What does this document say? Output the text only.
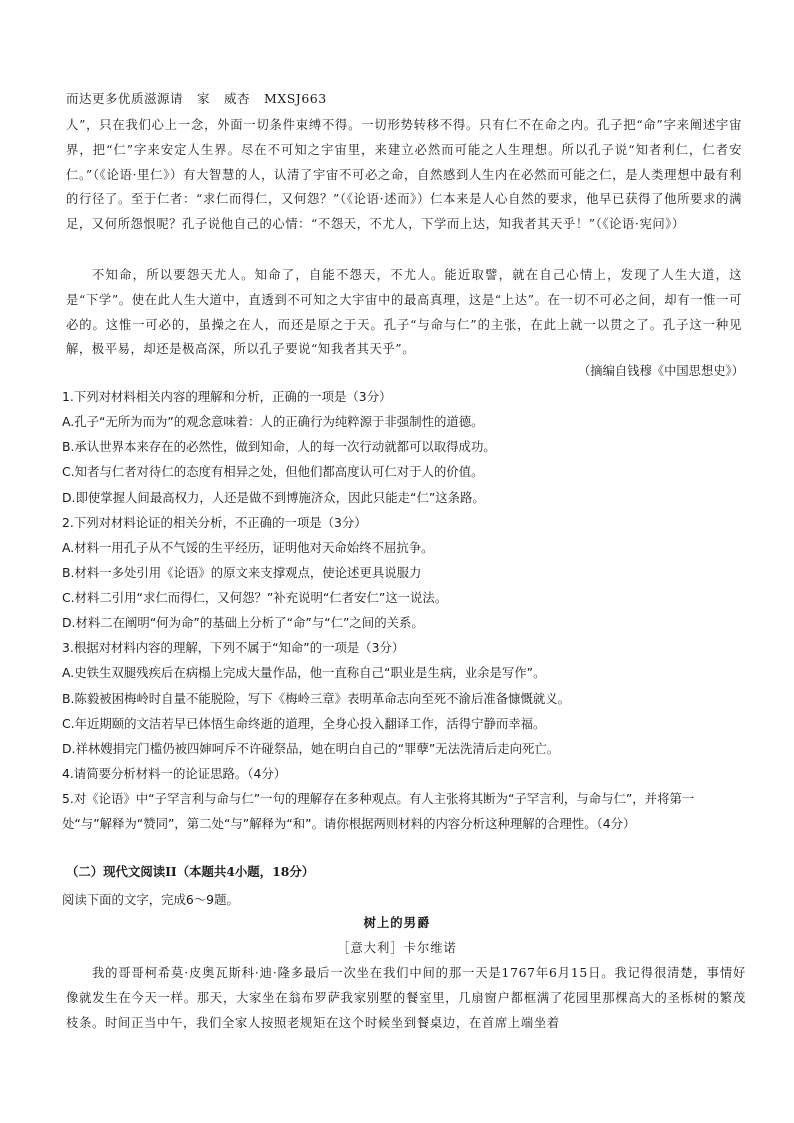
而达更多优质滋源请 家 威杏 MXSJ663
人”，只在我们心上一念，外面一切条件束缚不得。一切形势转移不得。只有仁不在命之内。孔子把“命”字来阐述宇宙界，把“仁”字来安定人生界。尽在不可知之宇宙里，来建立必然而可能之人生理想。所以孔子说“知者利仁，仁者安仁。”（《论语·里仁》）有大智慧的人，认清了宇宙不可必之命，自然感到人生内在必然而可能之仁，是人类理想中最有利的行径了。至于仁者：“求仁而得仁，又何怨？”（《论语·述而》）仁本来是人心自然的要求，他早已获得了他所要求的满足，又何所怨恨呢？孔子说他自己的心情：“不怨天，不尤人，下学而上达，知我者其天乎！”（《论语·宪问》）
不知命，所以要怨天尤人。知命了，自能不怨天，不尤人。能近取譬，就在自己心情上，发现了人生大道，这是“下学”。使在此人生大道中，直透到不可知之大宇宙中的最高真理，这是“上达”。在一切不可必之间，却有一惟一可必的。这惟一可必的，虽操之在人，而还是原之于天。孔子“与命与仁”的主张，在此上就一以贯之了。孔子这一种见解，极平易，却还是极高深，所以孔子要说“知我者其天乎”。
（摘编自钱穆《中国思想史》）
1.下列对材料相关内容的理解和分析，正确的一项是（3分）
A.孔子“无所为而为”的观念意味着：人的正确行为纯粹源于非强制性的道德。
B.承认世界本来存在的必然性，做到知命，人的每一次行动就都可以取得成功。
C.知者与仁者对待仁的态度有相异之处，但他们都高度认可仁对于人的价值。
D.即使掌握人间最高权力，人还是做不到博施济众，因此只能走“仁”这条路。
2.下列对材料论证的相关分析，不正确的一项是（3分）
A.材料一用孔子从不气馁的生平经历，证明他对天命始终不屈抗争。
B.材料一多处引用《论语》的原文来支撑观点，使论述更具说服力
C.材料二引用“求仁而得仁，又何怨？”补充说明“仁者安仁”这一说法。
D.材料二在阐明“何为命”的基础上分析了“命”与“仁”之间的关系。
3.根据对材料内容的理解，下列不属于“知命”的一项是（3分）
A.史铁生双腿残疾后在病榻上完成大量作品，他一直称自己“职业是生病，业余是写作”。
B.陈毅被困梅岭时自量不能脱险，写下《梅岭三章》表明革命志向至死不渝后准备慷慨就义。
C.年近期颐的文洁若早已体悟生命终逝的道理，全身心投入翻译工作，活得宁静而幸福。
D.祥林嫂捐完门槛仍被四婶呵斥不许碰祭品，她在明白自己的“罪孽”无法洗清后走向死亡。
4.请简要分析材料一的论证思路。（4分）
5.对《论语》中“子罕言利与命与仁”一句的理解存在多种观点。有人主张将其断为“子罕言利，与命与仁”，并将第一处“与”解释为“赞同”，第二处“与”解释为“和”。请你根据两则材料的内容分析这种理解的合理性。（4分）
（二）现代文阅读II（本题共4小题，18分）
阅读下面的文字，完成6～9题。
树上的男爵
［意大利］卡尔维诺
我的哥哥柯希莫·皮奥瓦斯科·迪·隆多最后一次坐在我们中间的那一天是1767年6月15日。我记得很清楚，事情好像就发生在今天一样。那天，大家坐在翁布罗萨我家别墅的餐室里，几扇窗户都框满了花园里那棵高大的圣栎树的繁茂枝条。时间正当中午，我们全家人按照老规矩在这个时候坐到餐桌边，在首席上端坐着
